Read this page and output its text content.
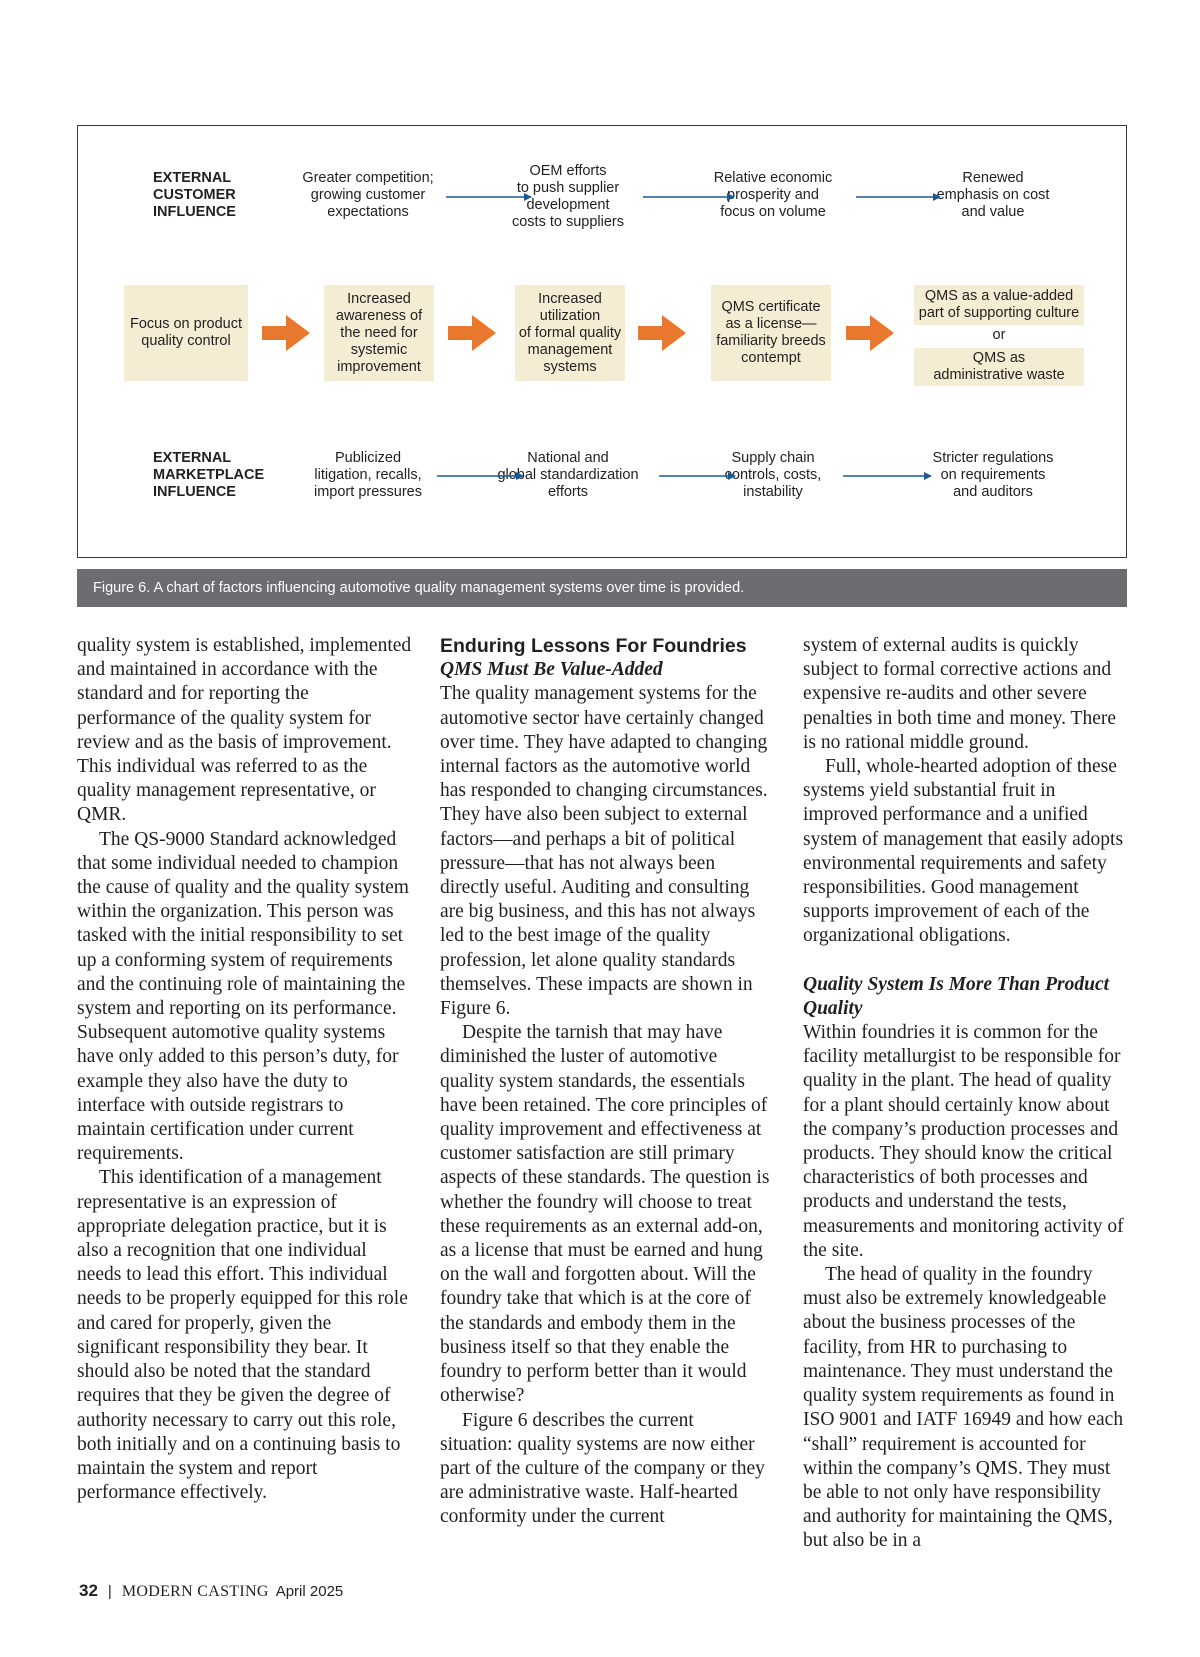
EXTERNAL
CUSTOMER
INFLUENCE
EXTERNAL
MARKETPLACE
INFLUENCE
Greater competition;
growing customer
expectations
OEM efforts
to push supplier
development
costs to suppliers
Relative economic
prosperity and
focus on volume
Renewed
emphasis on cost
and value
Focus on product
quality control
Increased
awareness of
the need for
systemic
improvement
Increased
utilization
of formal quality
management
systems
QMS certificate
as a license—
familiarity breeds
contempt
QMS as a value-added
part of supporting culture
or
QMS as
administrative waste
Publicized
litigation, recalls,
import pressures
National and
global standardization
efforts
Supply chain
controls, costs,
instability
Stricter regulations
on requirements
and auditors
Figure 6. A chart of factors influencing automotive quality management systems over time is provided.

quality system is established, implemented and maintained in accordance with the standard and for reporting the performance of the quality system for review and as the basis of improvement. This individual was referred to as the quality management representative, or QMR.

The QS-9000 Standard acknowledged that some individual needed to champion the cause of quality and the quality system within the organization. This person was tasked with the initial responsibility to set up a conforming system of requirements and the continuing role of maintaining the system and reporting on its performance. Subsequent automotive quality systems have only added to this person’s duty, for example they also have the duty to interface with outside registrars to maintain certification under current requirements.

This identification of a management representative is an expression of appropriate delegation practice, but it is also a recognition that one individual needs to lead this effort. This individual needs to be properly equipped for this role and cared for properly, given the significant responsibility they bear. It should also be noted that the standard requires that they be given the degree of authority necessary to carry out this role, both initially and on a continuing basis to maintain the system and report performance effectively.

Enduring Lessons For Foundries
QMS Must Be Value-Added

The quality management systems for the automotive sector have certainly changed over time. They have adapted to changing internal factors as the automotive world has responded to changing circumstances. They have also been subject to external factors—and perhaps a bit of political pressure—that has not always been directly useful. Auditing and consulting are big business, and this has not always led to the best image of the quality profession, let alone quality standards themselves. These impacts are shown in Figure 6.

Despite the tarnish that may have diminished the luster of automotive quality system standards, the essentials have been retained. The core principles of quality improvement and effectiveness at customer satisfaction are still primary aspects of these standards. The question is whether the foundry will choose to treat these requirements as an external add-on, as a license that must be earned and hung on the wall and forgotten about. Will the foundry take that which is at the core of the standards and embody them in the business itself so that they enable the foundry to perform better than it would otherwise?

Figure 6 describes the current situation: quality systems are now either part of the culture of the company or they are administrative waste. Half-hearted conformity under the current

system of external audits is quickly subject to formal corrective actions and expensive re-audits and other severe penalties in both time and money. There is no rational middle ground.

Full, whole-hearted adoption of these systems yield substantial fruit in improved performance and a unified system of management that easily adopts environmental requirements and safety responsibilities. Good management supports improvement of each of the organizational obligations.

Quality System Is More Than Product Quality

Within foundries it is common for the facility metallurgist to be responsible for quality in the plant. The head of quality for a plant should certainly know about the company’s production processes and products. They should know the critical characteristics of both processes and products and understand the tests, measurements and monitoring activity of the site.

The head of quality in the foundry must also be extremely knowledgeable about the business processes of the facility, from HR to purchasing to maintenance. They must understand the quality system requirements as found in ISO 9001 and IATF 16949 and how each “shall” requirement is accounted for within the company’s QMS. They must be able to not only have responsibility and authority for maintaining the QMS, but also be in a

32 | MODERN CASTING April 2025
